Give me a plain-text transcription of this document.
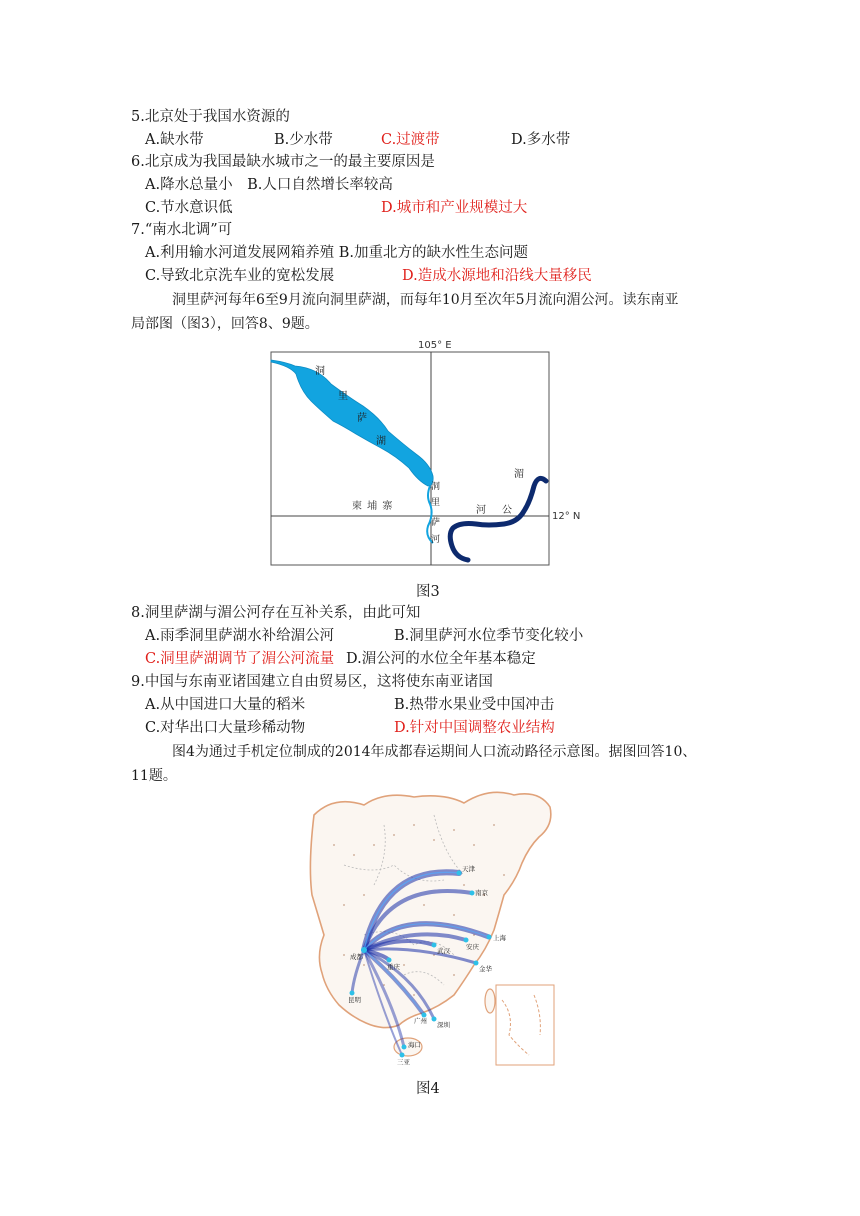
5.北京处于我国水资源的
A.缺水带	B.少水带	C.过渡带	D.多水带
6.北京成为我国最缺水城市之一的最主要原因是
A.降水总量小　B.人口自然增长率较高
C.节水意识低	D.城市和产业规模过大
7.“南水北调”可
A.利用输水河道发展网箱养殖 B.加重北方的缺水性生态问题
C.导致北京洗车业的宽松发展	D.造成水源地和沿线大量移民
洞里萨河每年6至9月流向洞里萨湖，而每年10月至次年5月流向湄公河。读东南亚
局部图（图3），回答8、9题。
105° E
12° N
柬 埔 寨
洞
里
萨
湖
洞
里
萨
河
湄
公
河
图3
8.洞里萨湖与湄公河存在互补关系，由此可知
A.雨季洞里萨湖水补给湄公河	B.洞里萨河水位季节变化较小
C.洞里萨湖调节了湄公河流量 D.湄公河的水位全年基本稳定
9.中国与东南亚诸国建立自由贸易区，这将使东南亚诸国
A.从中国进口大量的稻米	B.热带水果业受中国冲击
C.对华出口大量珍稀动物	D.针对中国调整农业结构
图4为通过手机定位制成的2014年成都春运期间人口流动路径示意图。据图回答10、
11题。
天津
南京
上海
安庆
武汉
金华
成都
重庆
昆明
广州 深圳
海口
三亚
图4
